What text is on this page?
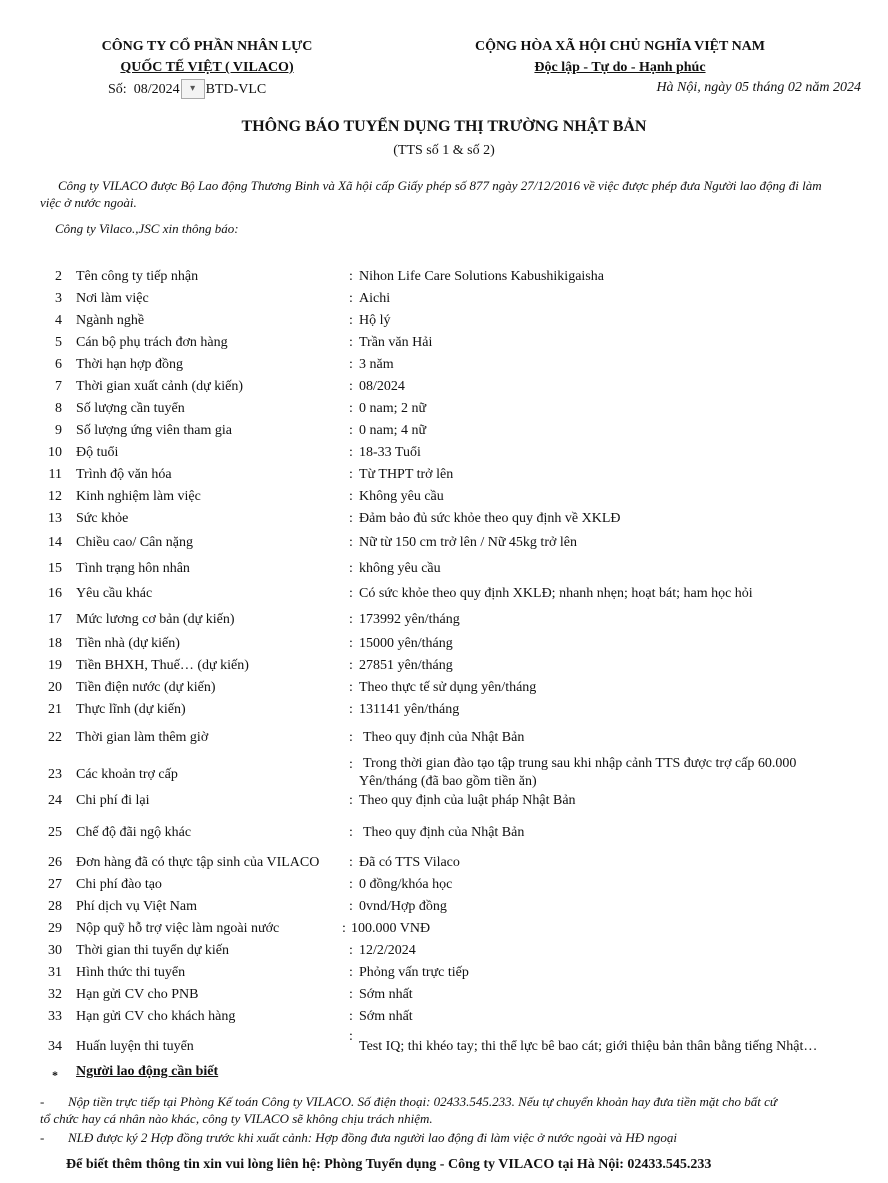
CÔNG TY CỔ PHẦN NHÂN LỰC
QUỐC TẾ VIỆT ( VILACO)
Số: 08/2024 ▾ BTD-VLC
CỘNG HÒA XÃ HỘI CHỦ NGHĨA VIỆT NAM
Độc lập - Tự do - Hạnh phúc
Hà Nội, ngày 05 tháng 02 năm 2024
THÔNG BÁO TUYỂN DỤNG THỊ TRƯỜNG NHẬT BẢN
(TTS số 1 & số 2)
Công ty VILACO được Bộ Lao động Thương Binh và Xã hội cấp Giấy phép số 877 ngày 27/12/2016 về việc được phép đưa Người lao động đi làm
việc ở nước ngoài.
Công ty Vilaco.,JSC xin thông báo:
2 Tên công ty tiếp nhận	: Nihon Life Care Solutions Kabushikigaisha
3 Nơi làm việc	: Aichi
4 Ngành nghề	: Hộ lý
5 Cán bộ phụ trách đơn hàng	: Trần văn Hải
6 Thời hạn hợp đồng	: 3 năm
7 Thời gian xuất cảnh (dự kiến)	: 08/2024
8 Số lượng cần tuyển	: 0 nam; 2 nữ
9 Số lượng ứng viên tham gia	: 0 nam; 4 nữ
10 Độ tuổi	: 18-33 Tuổi
11 Trình độ văn hóa	: Từ THPT trở lên
12 Kinh nghiệm làm việc	: Không yêu cầu
13 Sức khỏe	: Đảm bảo đủ sức khỏe theo quy định về XKLĐ
14 Chiều cao/ Cân nặng	: Nữ từ 150 cm trở lên / Nữ 45kg trở lên
15 Tình trạng hôn nhân	: không yêu cầu
16 Yêu cầu khác	: Có sức khỏe theo quy định XKLĐ; nhanh nhẹn; hoạt bát; ham học hỏi
17 Mức lương cơ bản (dự kiến)	: 173992 yên/tháng
18 Tiền nhà (dự kiến)	: 15000 yên/tháng
19 Tiền BHXH, Thuế… (dự kiến)	: 27851 yên/tháng
20 Tiền điện nước (dự kiến)	: Theo thực tế sử dụng yên/tháng
21 Thực lĩnh (dự kiến)	: 131141 yên/tháng
22 Thời gian làm thêm giờ	: Theo quy định của Nhật Bản
23 Các khoản trợ cấp
: Trong thời gian đào tạo tập trung sau khi nhập cảnh TTS được trợ cấp 60.000
Yên/tháng (đã bao gồm tiền ăn)
24 Chi phí đi lại	: Theo quy định của luật pháp Nhật Bản
25 Chế độ đãi ngộ khác	: Theo quy định của Nhật Bản
26 Đơn hàng đã có thực tập sinh của VILACO : Đã có TTS Vilaco
27 Chi phí đào tạo	: 0 đồng/khóa học
28 Phí dịch vụ Việt Nam	: 0vnd/Hợp đồng
29 Nộp quỹ hỗ trợ việc làm ngoài nước	: 100.000 VNĐ
30 Thời gian thi tuyển dự kiến	: 12/2/2024
31 Hình thức thi tuyển	: Phỏng vấn trực tiếp
32 Hạn gửi CV cho PNB	: Sớm nhất
33 Hạn gửi CV cho khách hàng	: Sớm nhất
34 Huấn luyện thi tuyển
:
Test IQ; thi khéo tay; thi thể lực bê bao cát; giới thiệu bản thân bằng tiếng Nhật…
* Người lao động cần biết
- Nộp tiền trực tiếp tại Phòng Kế toán Công ty VILACO. Số điện thoại: 02433.545.233. Nếu tự chuyển khoản hay đưa tiền mặt cho bất cứ
tổ chức hay cá nhân nào khác, công ty VILACO sẽ không chịu trách nhiệm.
- NLĐ được ký 2 Hợp đồng trước khi xuất cảnh: Hợp đồng đưa người lao động đi làm việc ở nước ngoài và HĐ ngoại
Để biết thêm thông tin xin vui lòng liên hệ: Phòng Tuyển dụng - Công ty VILACO tại Hà Nội: 02433.545.233
